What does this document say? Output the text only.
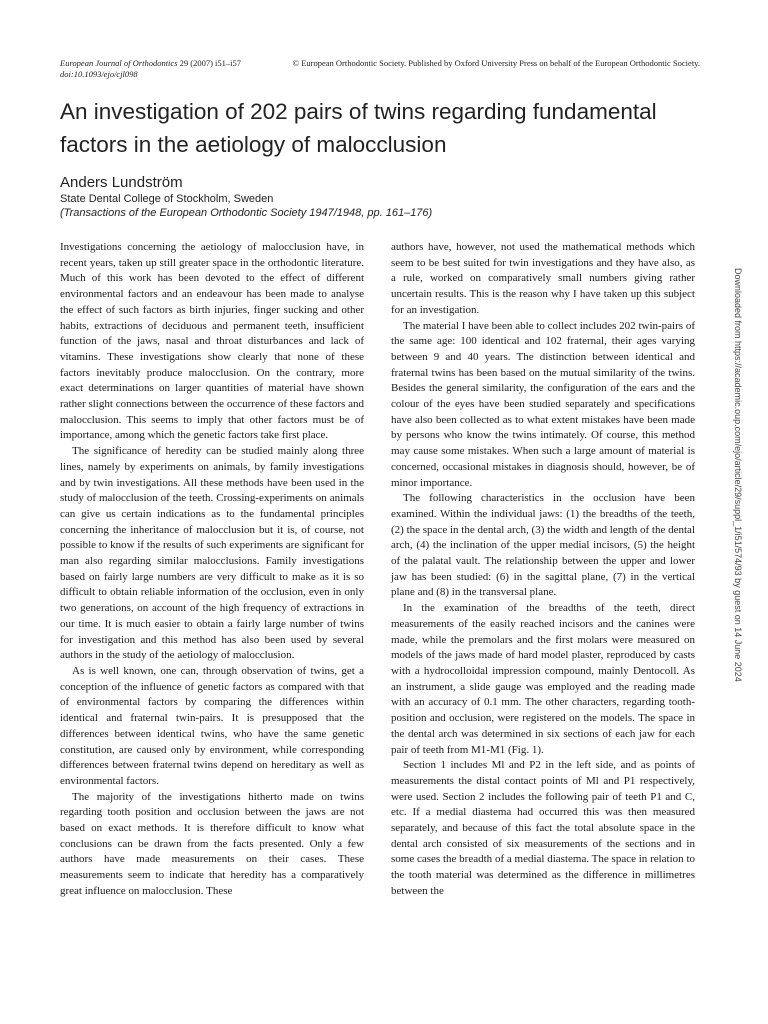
European Journal of Orthodontics 29 (2007) i51–i57
doi:10.1093/ejo/cjl098
© European Orthodontic Society. Published by Oxford University Press on behalf of the European Orthodontic Society.
An investigation of 202 pairs of twins regarding fundamental factors in the aetiology of malocclusion
Anders Lundström
State Dental College of Stockholm, Sweden
(Transactions of the European Orthodontic Society 1947/1948, pp. 161–176)

Investigations concerning the aetiology of malocclusion have, in recent years, taken up still greater space in the orthodontic literature. Much of this work has been devoted to the effect of different environmental factors and an endeavour has been made to analyse the effect of such factors as birth injuries, finger sucking and other habits, extractions of deciduous and permanent teeth, insufficient function of the jaws, nasal and throat disturbances and lack of vitamins. These investigations show clearly that none of these factors inevitably produce malocclusion. On the contrary, more exact determinations on larger quantities of material have shown rather slight connections between the occurrence of these factors and malocclusion. This seems to imply that other factors must be of importance, among which the genetic factors take first place.

The significance of heredity can be studied mainly along three lines, namely by experiments on animals, by family investigations and by twin investigations. All these methods have been used in the study of malocclusion of the teeth. Crossing-experiments on animals can give us certain indications as to the fundamental principles concerning the inheritance of malocclusion but it is, of course, not possible to know if the results of such experiments are significant for man also regarding similar malocclusions. Family investigations based on fairly large numbers are very difficult to make as it is so difficult to obtain reliable information of the occlusion, even in only two generations, on account of the high frequency of extractions in our time. It is much easier to obtain a fairly large number of twins for investigation and this method has also been used by several authors in the study of the aetiology of malocclusion.

As is well known, one can, through observation of twins, get a conception of the influence of genetic factors as compared with that of environmental factors by comparing the differences within identical and fraternal twin-pairs. It is presupposed that the differences between identical twins, who have the same genetic constitution, are caused only by environment, while corresponding differences between fraternal twins depend on hereditary as well as environmental factors.

The majority of the investigations hitherto made on twins regarding tooth position and occlusion between the jaws are not based on exact methods. It is therefore difficult to know what conclusions can be drawn from the facts presented. Only a few authors have made measurements on their cases. These measurements seem to indicate that heredity has a comparatively great influence on malocclusion. These

authors have, however, not used the mathematical methods which seem to be best suited for twin investigations and they have also, as a rule, worked on comparatively small numbers giving rather uncertain results. This is the reason why I have taken up this subject for an investigation.

The material I have been able to collect includes 202 twin-pairs of the same age: 100 identical and 102 fraternal, their ages varying between 9 and 40 years. The distinction between identical and fraternal twins has been based on the mutual similarity of the twins. Besides the general similarity, the configuration of the ears and the colour of the eyes have been studied separately and specifications have also been collected as to what extent mistakes have been made by persons who know the twins intimately. Of course, this method may cause some mistakes. When such a large amount of material is concerned, occasional mistakes in diagnosis should, however, be of minor importance.

The following characteristics in the occlusion have been examined. Within the individual jaws: (1) the breadths of the teeth, (2) the space in the dental arch, (3) the width and length of the dental arch, (4) the inclination of the upper medial incisors, (5) the height of the palatal vault. The relationship between the upper and lower jaw has been studied: (6) in the sagittal plane, (7) in the vertical plane and (8) in the transversal plane.

In the examination of the breadths of the teeth, direct measurements of the easily reached incisors and the canines were made, while the premolars and the first molars were measured on models of the jaws made of hard model plaster, reproduced by casts with a hydrocolloidal impression compound, mainly Dentocoll. As an instrument, a slide gauge was employed and the reading made with an accuracy of 0.1 mm. The other characters, regarding tooth-position and occlusion, were registered on the models. The space in the dental arch was determined in six sections of each jaw for each pair of teeth from M1-M1 (Fig. 1).

Section 1 includes Ml and P2 in the left side, and as points of measurements the distal contact points of Ml and P1 respectively, were used. Section 2 includes the following pair of teeth P1 and C, etc. If a medial diastema had occurred this was then measured separately, and because of this fact the total absolute space in the dental arch consisted of six measurements of the sections and in some cases the breadth of a medial diastema. The space in relation to the tooth material was determined as the difference in millimetres between the

Downloaded from https://academic.oup.com/ejo/article/29/suppl_1/i51/574/93 by guest on 14 June 2024
